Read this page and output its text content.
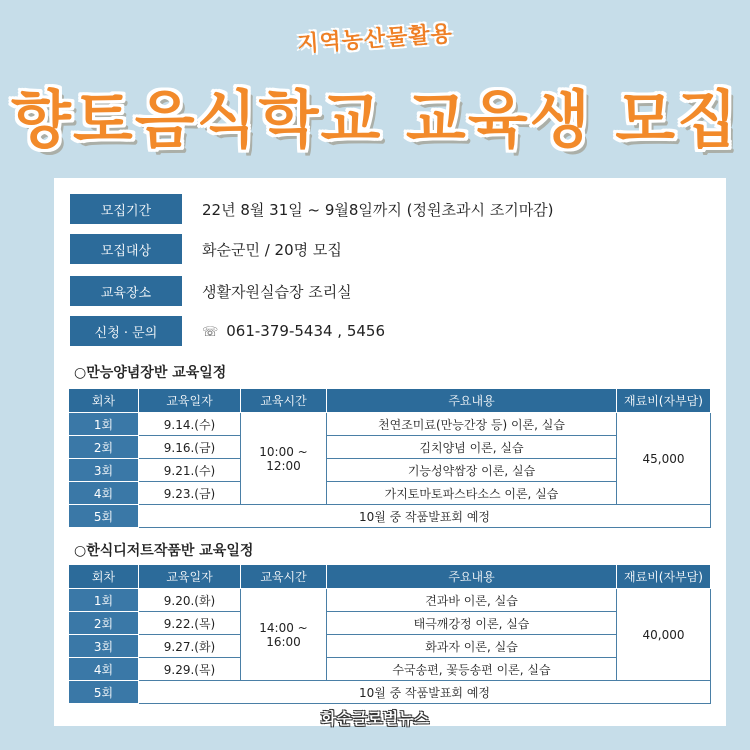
지역농산물활용
향토음식학교 교육생 모집
모집기간	22년 8월 31일 ~ 9월8일까지 (정원초과시 조기마감)
모집대상	화순군민 / 20명 모집
교육장소	생활자원실습장 조리실
신청 · 문의	☏ 061-379-5434 , 5456
○만능양념장반 교육일정
회차	교육일자	교육시간	주요내용	재료비(자부담)
1회	9.14.(수)	10:00 ~ 12:00	천연조미료(만능간장 등) 이론, 실습	45,000
2회	9.16.(금)		김치양념 이론, 실습	
3회	9.21.(수)		기능성약쌈장 이론, 실습	
4회	9.23.(금)		가지토마토파스타소스 이론, 실습	
5회	10월 중 작품발표회 예정			
○한식디저트작품반 교육일정
회차	교육일자	교육시간	주요내용	재료비(자부담)
1회	9.20.(화)	14:00 ~ 16:00	견과바 이론, 실습	40,000
2회	9.22.(목)		태극깨강정 이론, 실습	
3회	9.27.(화)		화과자 이론, 실습	
4회	9.29.(목)		수국송편, 꽃등송편 이론, 실습	
5회	10월 중 작품발표회 예정			
화순글로벌뉴스
